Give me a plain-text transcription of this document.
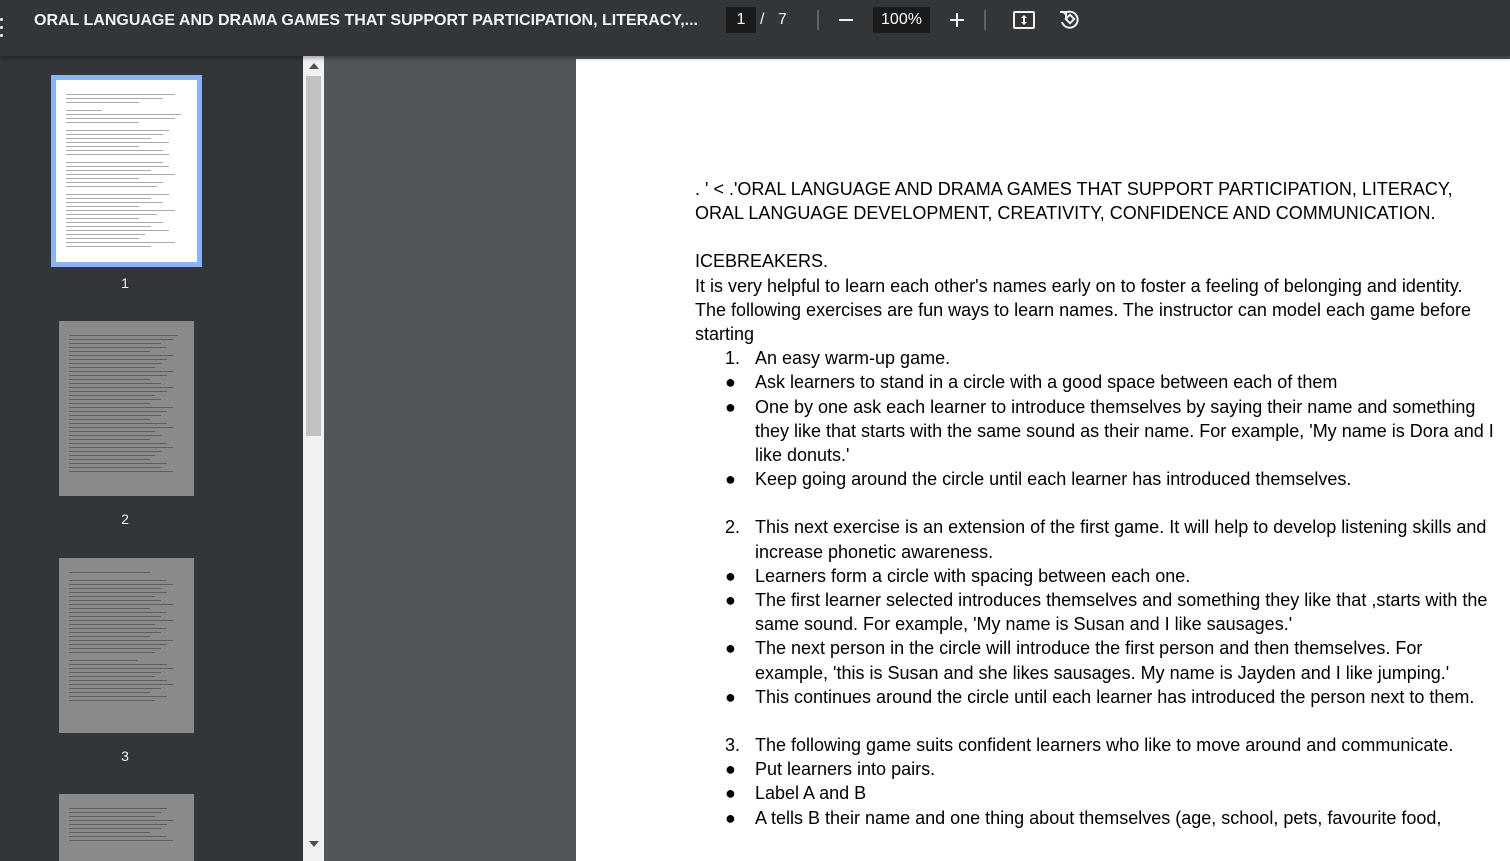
ORAL LANGUAGE AND DRAMA GAMES THAT SUPPORT PARTICIPATION, LITERACY,...
1	/ 7
100%
1
2
3
. ' < .'ORAL LANGUAGE AND DRAMA GAMES THAT SUPPORT PARTICIPATION, LITERACY, ORAL LANGUAGE DEVELOPMENT, CREATIVITY, CONFIDENCE AND COMMUNICATION.
ICEBREAKERS.
It is very helpful to learn each other's names early on to foster a feeling of belonging and identity. The following exercises are fun ways to learn names. The instructor can model each game before starting
1. An easy warm-up game.
● Ask learners to stand in a circle with a good space between each of them
● One by one ask each learner to introduce themselves by saying their name and something they like that starts with the same sound as their name. For example, 'My name is Dora and I like donuts.'
● Keep going around the circle until each learner has introduced themselves.
2. This next exercise is an extension of the first game. It will help to develop listening skills and increase phonetic awareness.
● Learners form a circle with spacing between each one.
● The first learner selected introduces themselves and something they like that ,starts with the same sound. For example, 'My name is Susan and I like sausages.'
● The next person in the circle will introduce the first person and then themselves. For example, 'this is Susan and she likes sausages. My name is Jayden and I like jumping.'
● This continues around the circle until each learner has introduced the person next to them.
3. The following game suits confident learners who like to move around and communicate.
● Put learners into pairs.
● Label A and B
● A tells B their name and one thing about themselves (age, school, pets, favourite food,
